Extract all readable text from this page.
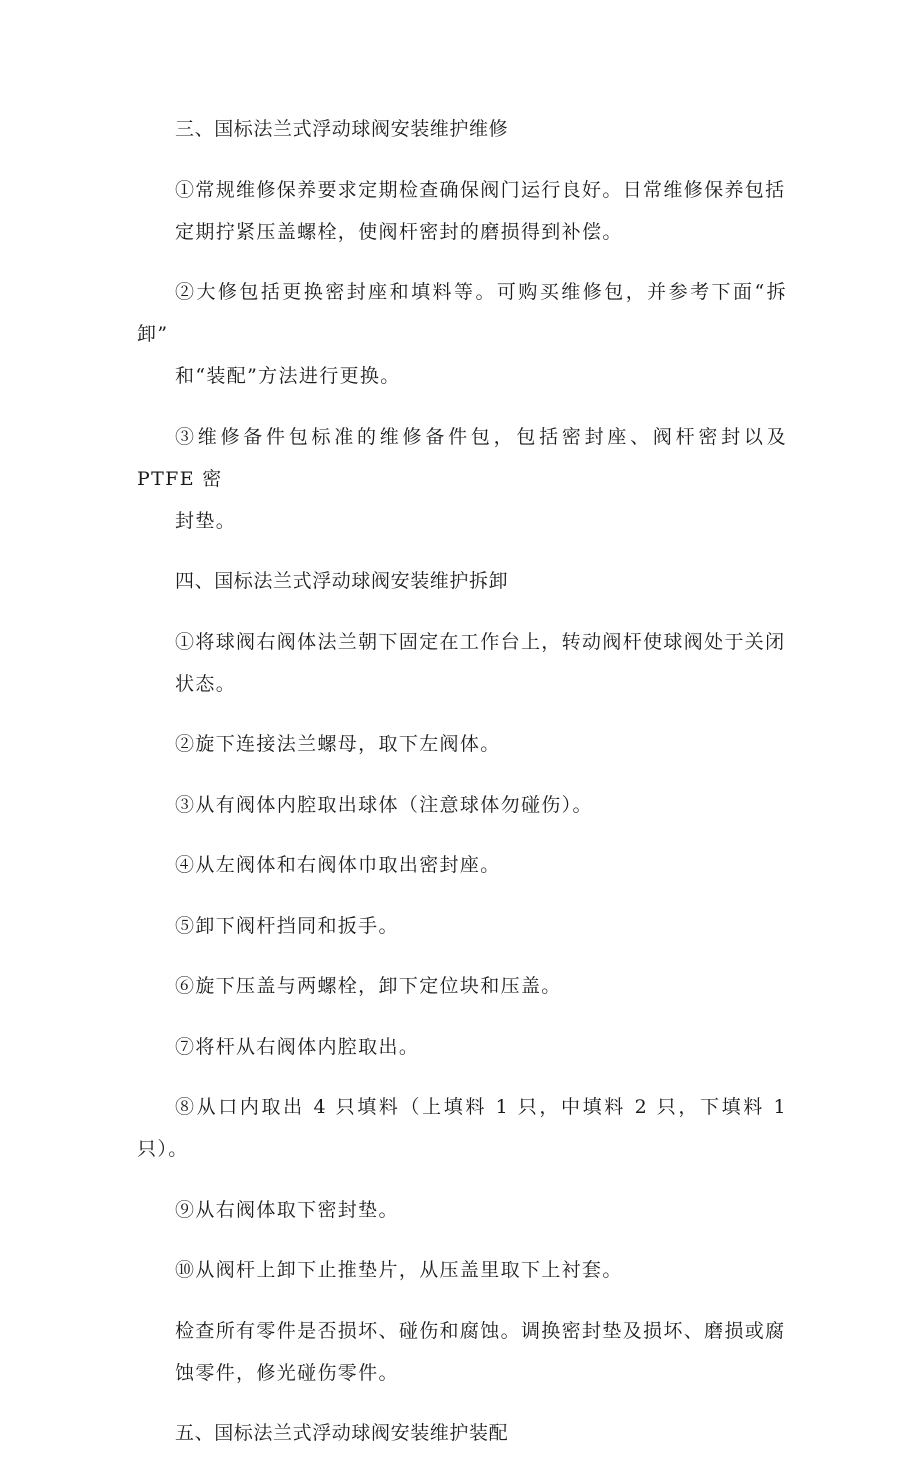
三、国标法兰式浮动球阀安装维护维修

①常规维修保养要求定期检查确保阀门运行良好。日常维修保养包括
定期拧紧压盖螺栓，使阀杆密封的磨损得到补偿。

②大修包括更换密封座和填料等。可购买维修包，并参考下面“拆卸”
和“装配”方法进行更换。

③维修备件包标准的维修备件包，包括密封座、阀杆密封以及 PTFE 密
封垫。

四、国标法兰式浮动球阀安装维护拆卸

①将球阀右阀体法兰朝下固定在工作台上，转动阀杆使球阀处于关闭
状态。

②旋下连接法兰螺母，取下左阀体。

③从有阀体内腔取出球体（注意球体勿碰伤）。

④从左阀体和右阀体巾取出密封座。

⑤卸下阀杆挡同和扳手。

⑥旋下压盖与两螺栓，卸下定位块和压盖。

⑦将杆从右阀体内腔取出。

⑧从口内取出 4 只填料（上填料 1 只，中填料 2 只，下填料 1 只）。

⑨从右阀体取下密封垫。

⑩从阀杆上卸下止推垫片，从压盖里取下上衬套。

检查所有零件是否损坏、碰伤和腐蚀。调换密封垫及损坏、磨损或腐
蚀零件，修光碰伤零件。

五、国标法兰式浮动球阀安装维护装配
